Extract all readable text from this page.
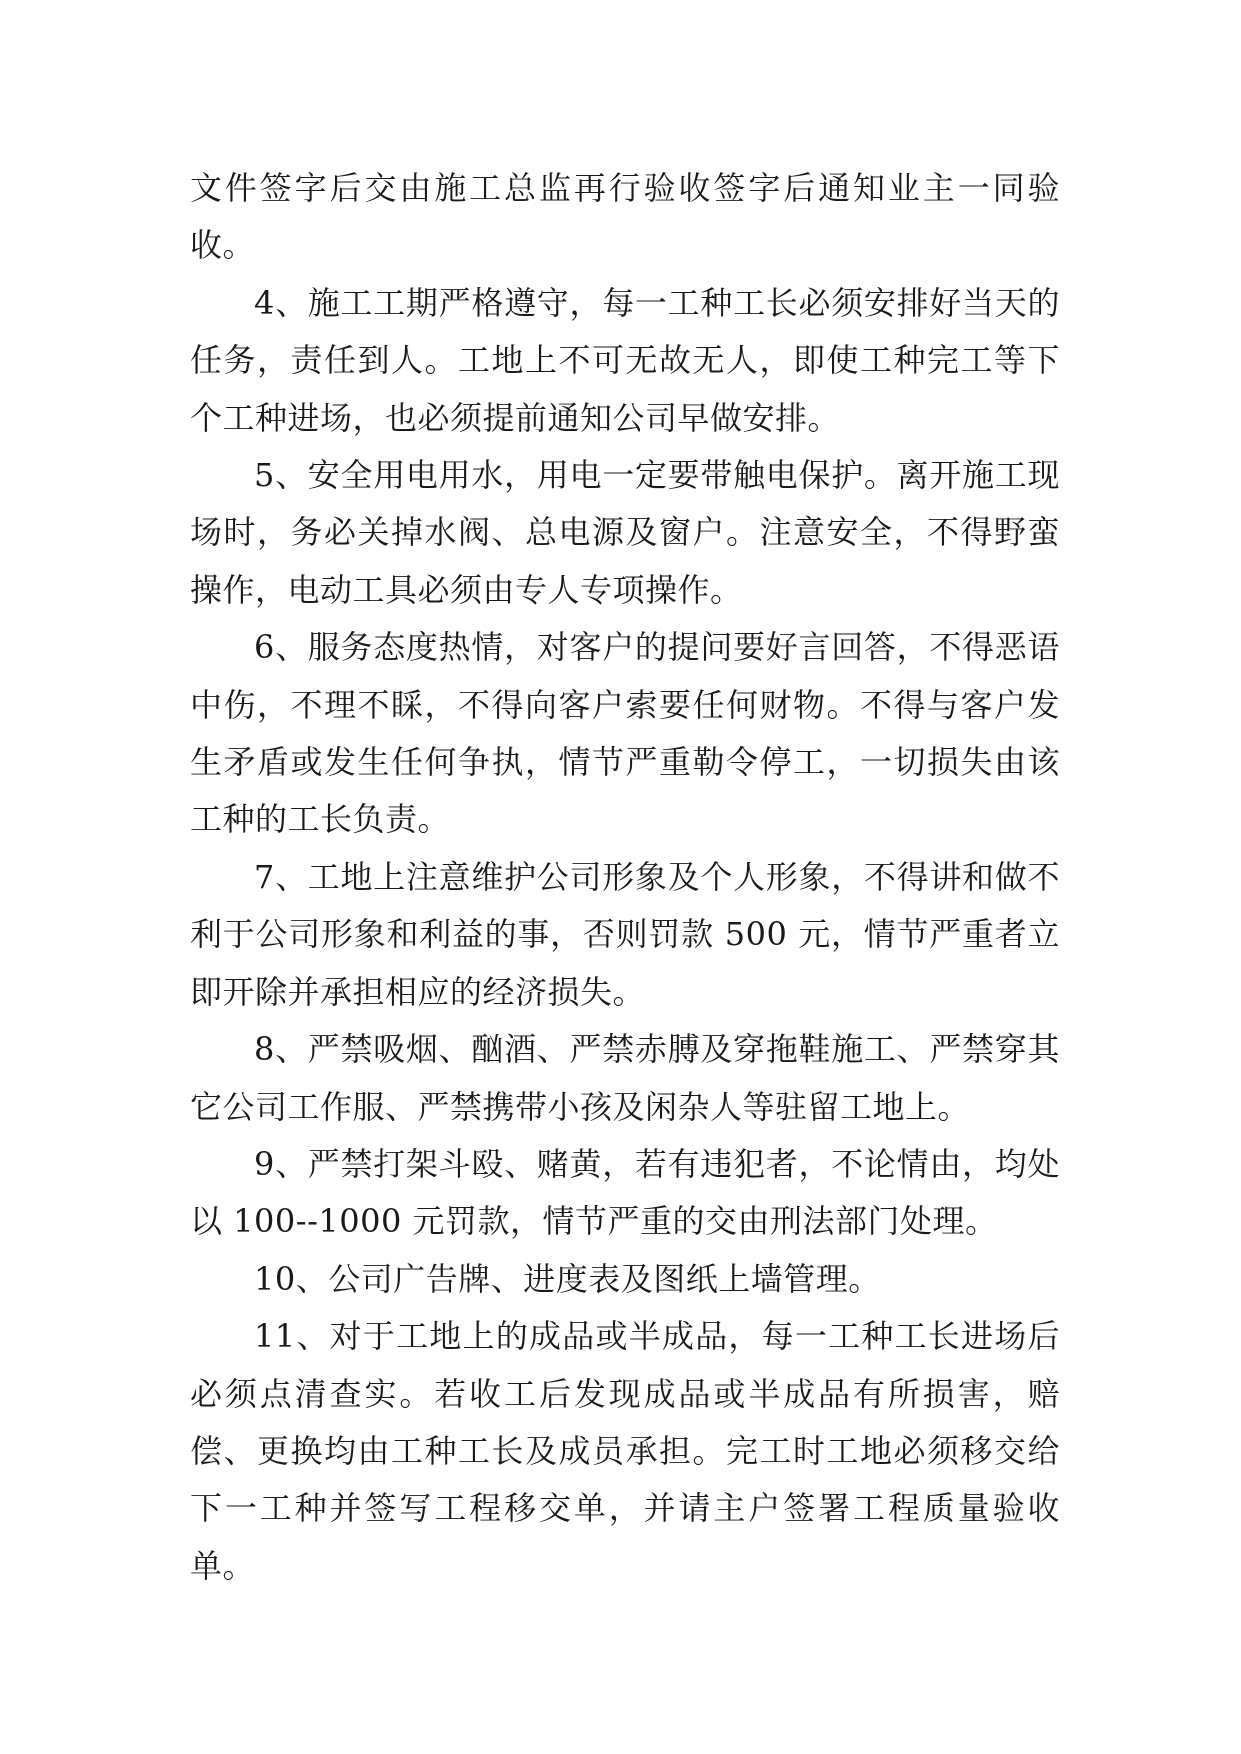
文件签字后交由施工总监再行验收签字后通知业主一同验收。

4、施工工期严格遵守，每一工种工长必须安排好当天的任务，责任到人。工地上不可无故无人，即使工种完工等下个工种进场，也必须提前通知公司早做安排。

5、安全用电用水，用电一定要带触电保护。离开施工现场时，务必关掉水阀、总电源及窗户。注意安全，不得野蛮操作，电动工具必须由专人专项操作。

6、服务态度热情，对客户的提问要好言回答，不得恶语中伤，不理不睬，不得向客户索要任何财物。不得与客户发生矛盾或发生任何争执，情节严重勒令停工，一切损失由该工种的工长负责。

7、工地上注意维护公司形象及个人形象，不得讲和做不利于公司形象和利益的事，否则罚款 500 元，情节严重者立即开除并承担相应的经济损失。

8、严禁吸烟、酗酒、严禁赤膊及穿拖鞋施工、严禁穿其它公司工作服、严禁携带小孩及闲杂人等驻留工地上。

9、严禁打架斗殴、赌黄，若有违犯者，不论情由，均处以 100--1000 元罚款，情节严重的交由刑法部门处理。

10、公司广告牌、进度表及图纸上墙管理。

11、对于工地上的成品或半成品，每一工种工长进场后必须点清查实。若收工后发现成品或半成品有所损害，赔偿、更换均由工种工长及成员承担。完工时工地必须移交给下一工种并签写工程移交单，并请主户签署工程质量验收单。
